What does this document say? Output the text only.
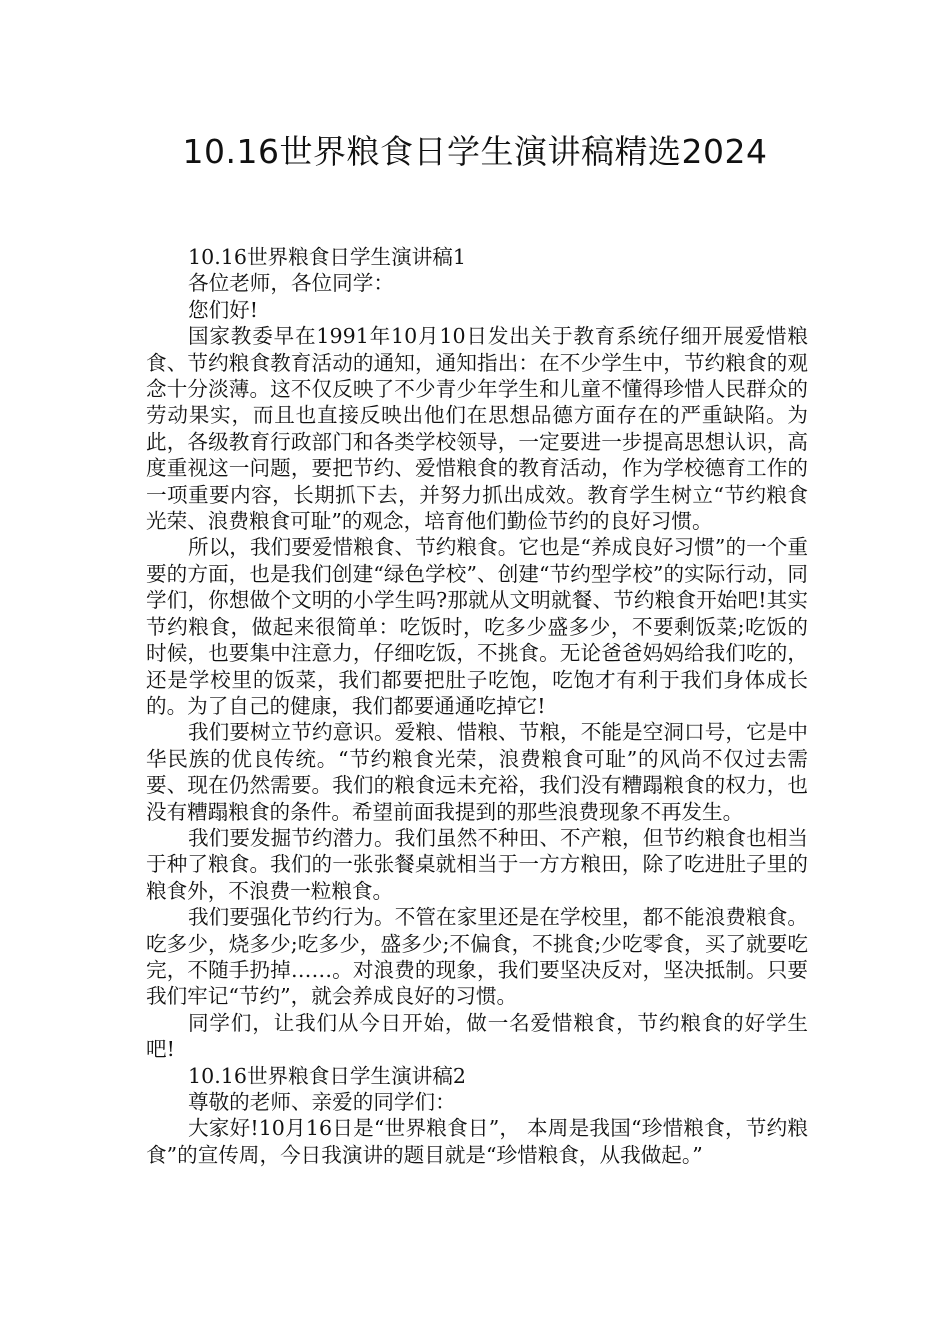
10.16世界粮食日学生演讲稿精选2024

10.16世界粮食日学生演讲稿1

各位老师，各位同学：

您们好!

国家教委早在1991年10月10日发出关于教育系统仔细开展爱惜粮食、节约粮食教育活动的通知，通知指出：在不少学生中，节约粮食的观念十分淡薄。这不仅反映了不少青少年学生和儿童不懂得珍惜人民群众的劳动果实，而且也直接反映出他们在思想品德方面存在的严重缺陷。为此，各级教育行政部门和各类学校领导，一定要进一步提高思想认识，高度重视这一问题，要把节约、爱惜粮食的教育活动，作为学校德育工作的一项重要内容，长期抓下去，并努力抓出成效。教育学生树立“节约粮食光荣、浪费粮食可耻”的观念，培育他们勤俭节约的良好习惯。

所以，我们要爱惜粮食、节约粮食。它也是“养成良好习惯”的一个重要的方面，也是我们创建“绿色学校”、创建“节约型学校”的实际行动，同学们，你想做个文明的小学生吗?那就从文明就餐、节约粮食开始吧!其实节约粮食，做起来很简单：吃饭时，吃多少盛多少，不要剩饭菜;吃饭的时候，也要集中注意力，仔细吃饭，不挑食。无论爸爸妈妈给我们吃的，还是学校里的饭菜，我们都要把肚子吃饱，吃饱才有利于我们身体成长的。为了自己的健康，我们都要通通吃掉它!

我们要树立节约意识。爱粮、惜粮、节粮，不能是空洞口号，它是中华民族的优良传统。“节约粮食光荣，浪费粮食可耻”的风尚不仅过去需要、现在仍然需要。我们的粮食远未充裕，我们没有糟蹋粮食的权力，也没有糟蹋粮食的条件。希望前面我提到的那些浪费现象不再发生。

我们要发掘节约潜力。我们虽然不种田、不产粮，但节约粮食也相当于种了粮食。我们的一张张餐桌就相当于一方方粮田，除了吃进肚子里的粮食外，不浪费一粒粮食。

我们要强化节约行为。不管在家里还是在学校里，都不能浪费粮食。吃多少，烧多少;吃多少，盛多少;不偏食，不挑食;少吃零食，买了就要吃完，不随手扔掉……。对浪费的现象，我们要坚决反对，坚决抵制。只要我们牢记“节约”，就会养成良好的习惯。

同学们，让我们从今日开始，做一名爱惜粮食，节约粮食的好学生吧!

10.16世界粮食日学生演讲稿2

尊敬的老师、亲爱的同学们：

大家好!10月16日是“世界粮食日”， 本周是我国“珍惜粮食，节约粮食”的宣传周，今日我演讲的题目就是“珍惜粮食，从我做起。”
